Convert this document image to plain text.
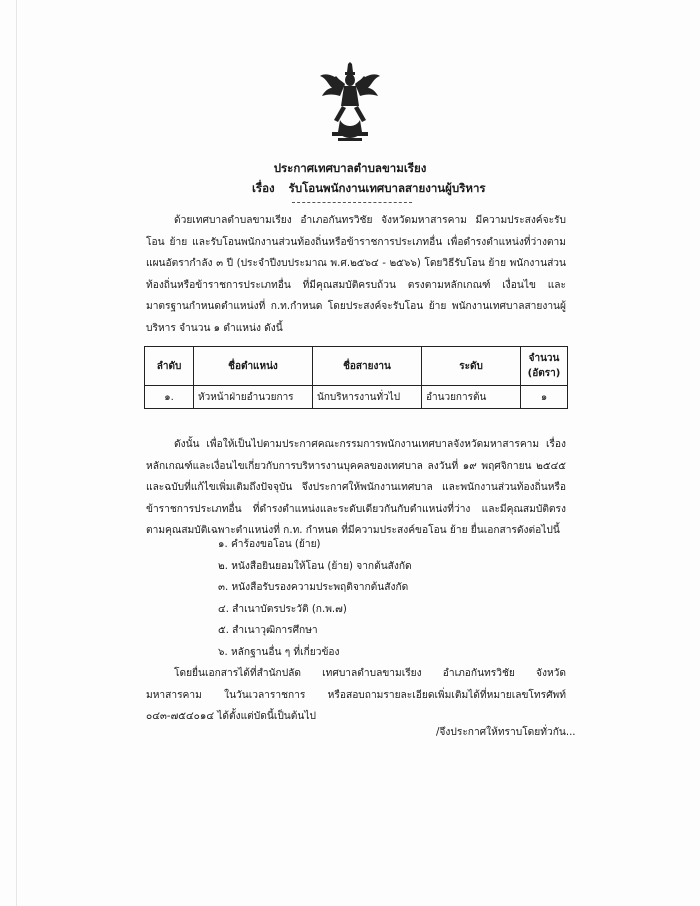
ประกาศเทศบาลตำบลขามเรียง
เรื่อง รับโอนพนักงานเทศบาลสายงานผู้บริหาร
ด้วยเทศบาลตำบลขามเรียง อำเภอกันทรวิชัย จังหวัดมหาสารคาม มีความประสงค์จะรับโอน ย้าย และรับโอนพนักงานส่วนท้องถิ่นหรือข้าราชการประเภทอื่น เพื่อดำรงตำแหน่งที่ว่างตามแผนอัตรากำลัง ๓ ปี (ประจำปีงบประมาณ พ.ศ.๒๕๖๔ - ๒๕๖๖) โดยวิธีรับโอน ย้าย พนักงานส่วนท้องถิ่นหรือข้าราชการประเภทอื่น ที่มีคุณสมบัติครบถ้วน ตรงตามหลักเกณฑ์ เงื่อนไข และมาตรฐานกำหนดตำแหน่งที่ ก.ท.กำหนด โดยประสงค์จะรับโอน ย้าย พนักงานเทศบาลสายงานผู้บริหาร จำนวน ๑ ตำแหน่ง ดังนี้
ลำดับ	ชื่อตำแหน่ง	ชื่อสายงาน	ระดับ	จำนวน
(อัตรา)
๑.	หัวหน้าฝ่ายอำนวยการ	นักบริหารงานทั่วไป	อำนวยการต้น	๑
ดังนั้น เพื่อให้เป็นไปตามประกาศคณะกรรมการพนักงานเทศบาลจังหวัดมหาสารคาม เรื่อง หลักเกณฑ์และเงื่อนไขเกี่ยวกับการบริหารงานบุคคลของเทศบาล ลงวันที่ ๑๙ พฤศจิกายน ๒๕๔๕ และฉบับที่แก้ไขเพิ่มเติมถึงปัจจุบัน จึงประกาศให้พนักงานเทศบาล และพนักงานส่วนท้องถิ่นหรือข้าราชการประเภทอื่น ที่ดำรงตำแหน่งและระดับเดียวกันกับตำแหน่งที่ว่าง และมีคุณสมบัติตรงตามคุณสมบัติเฉพาะตำแหน่งที่ ก.ท. กำหนด ที่มีความประสงค์ขอโอน ย้าย ยื่นเอกสารดังต่อไปนี้
๑. คำร้องขอโอน (ย้าย)
๒. หนังสือยินยอมให้โอน (ย้าย) จากต้นสังกัด
๓. หนังสือรับรองความประพฤติจากต้นสังกัด
๔. สำเนาบัตรประวัติ (ก.พ.๗)
๕. สำเนาวุฒิการศึกษา
๖. หลักฐานอื่น ๆ ที่เกี่ยวข้อง
โดยยื่นเอกสารได้ที่สำนักปลัด เทศบาลตำบลขามเรียง อำเภอกันทรวิชัย จังหวัดมหาสารคาม ในวันเวลาราชการ หรือสอบถามรายละเอียดเพิ่มเติมได้ที่หมายเลขโทรศัพท์ ๐๔๓-๗๕๔๐๑๔ ได้ตั้งแต่บัดนี้เป็นต้นไป
/จึงประกาศให้ทราบโดยทั่วกัน...
